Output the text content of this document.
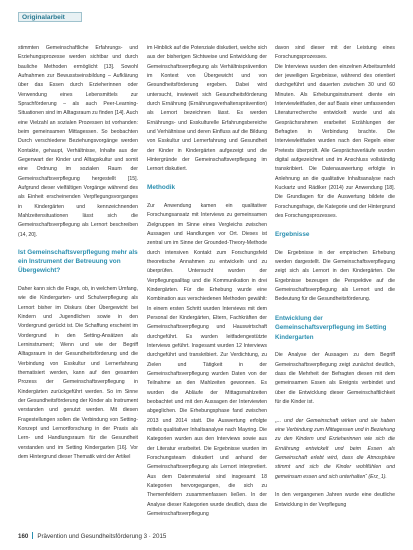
Originalarbeit

stimmten Gemeinschaftliche Erfahrungs- und Erziehungsprozesse werden sichtbar und durch bauliche Methoden ermöglicht [13]. Sowohl Aufnahmen zur Bewusstseinsbildung – Aufklärung über das Essen durch Erzieherinnen oder Verwendung eines Lebensmittels zur Sprachförderung – als auch Peer-Learning-Situationen sind im Alltagsraum zu finden [14]. Auch eine Vielzahl an sozialen Prozessen ist vorhanden: beim gemeinsamen Mittagessen. So beobachten Durch verschiedene Beziehungsvorgänge werden Kontakte, gehaupt, Verhältnisse, Inhalte aus der Gegenwart der Kinder und Alltagskultur und somit eine Ordnung im sozialen Raum der Gemeinschaftsverpflegung hergestellt [15]. Aufgrund dieser vielfältigen Vorgänge während des als Einheit erscheinenden Verpflegungsvorganges in Kindergärten und kennzeichnenden Mahlzeitensituationen lässt sich die Gemeinschaftsverpflegung als Lernort beschreiben (14, 20].

Ist Gemeinschaftsverpflegung mehr als ein Instrument der Betreuung von Übergewicht?

Daher kann sich die Frage, ob, in welchem Umfang, wie die Kindergarten- und Schulverpflegung als Lernort bisher im Diskurs über Übergewicht bei Kindern und Jugendlichen sowie in den Vordergrund gerückt ist. Die Schaffung erscheint im Vordergrund in den Setting-Ansätzen als Lerninstrument; Wenn und wie der Begriff Alltagsraum in der Gesundheitsförderung und die Verbindung von Esskultur und Lernerfahrung thematisiert werden, kann auf den gesamten Prozess der Gemeinschaftsverpflegung in Kindergärten zurückgeführt werden. So im Sinne der Gesundheitsförderung der Kinder als Instrument verstanden und genutzt werden. Mit diesen Fragestellungen sollen die Verbindung von Setting-Konzept und Lernortforschung in der Praxis als Lern- und Handlungsraum für die Gesundheit verstanden und im Setting Kindergarten [16]. Vor dem Hintergrund dieser Thematik wird der Artikel

im Hinblick auf die Potenziale diskutiert, welche sich aus der bisherigen Sichtweise und Entwicklung der Gemeinschaftsverpflegung als Verhältnisprävention im Kontext von Übergewicht und von Gesundheitsförderung ergeben. Dabei wird untersucht, inwieweit sich Gesundheitsförderung durch Ernährung (Ernährungsverhaltensprävention) als Lernort bezeichnen lässt. Es werden Ernährungs- und Esskulturelle Erfahrungsbereiche und Verhältnisse und deren Einfluss auf die Bildung von Esskultur und Lernerfahrung und Gesundheit der Kinder in Kindergärten aufgezeigt und die Hintergründe der Gemeinschaftsverpflegung im Lernort diskutiert.

Methodik

Zur Anwendung kamen ein qualitativer Forschungsansatz mit Interviews zu gemeinsamen Zielgruppen im Sinne eines Vergleichs zwischen Aussagen und Handlungen vor Ort. Dieses ist zentral um im Sinne der Grounded-Theory-Methode durch intensiven Kontakt zum Forschungsfeld theoretische Annahmen zu entwickeln und zu überprüfen. Untersucht wurden der Verpflegungsalltag und die Kommunikation in drei Kindergärten. Für die Erhebung wurde eine Kombination aus verschiedenen Methoden gewählt: In einem ersten Schritt wurden Interviews mit dem Personal der Kindergärten, Eltern, Fachkräften der Gemeinschaftsverpflegung und Hauswirtschaft durchgeführt. Es wurden leitfadengestützte Interviews geführt. Insgesamt wurden 12 Interviews durchgeführt und transkribiert. Zur Verdichtung, zu Zielen und Tätigkeit in der Gemeinschaftsverpflegung wurden Daten von der Teilnahme an den Mahlzeiten gewonnen. Es wurden die Abläufe der Mittagsmahlzeiten beobachtet und mit den Aussagen der Interviewten abgeglichen. Die Erhebungsphase fand zwischen 2013 und 2014 statt. Die Auswertung erfolgte mittels qualitativer Inhaltsanalyse nach Mayring. Die Kategorien wurden aus den Interviews sowie aus der Literatur erarbeitet. Die Ergebnisse wurden im Forschungsteam diskutiert und anhand der Gemeinschaftsverpflegung als Lernort interpretiert. Aus dem Datenmaterial sind insgesamt 18 Kategorien hervorgegangen, die sich zu Themenfeldern zusammenfassen ließen. In der Analyse dieser Kategorien wurde deutlich, dass die Gemeinschaftsverpflegung

davon sind dieser mit der Leistung eines Forschungsprozesses.

Die Interviews wurden den einzelnen Arbeitsumfeld der jeweiligen Ergebnisse, während des orientiert durchgeführt und dauerten zwischen 30 und 60 Minuten. Als Erhebungsinstrument diente ein Interviewleitfaden, der auf Basis einer umfassenden Literaturrecherche entwickelt wurde und als Gesprächsrahmen erarbeitet Erzählungen der Befragten in Verbindung brachte. Die Interviewleitfaden wurden nach den Regeln einer Pretests überprüft. Alle Gesprächsverläufe wurden digital aufgezeichnet und im Anschluss vollständig transkribiert. Die Datenauswertung erfolgte in Anlehnung an die qualitative Inhaltsanalyse nach Kuckartz und Rädiker (2014) zur Anwendung [18]. Die Grundlagen für die Auswertung bildete die Forschungsfrage, die Kategorie und der Hintergrund des Forschungsprozesses.

Ergebnisse

Die Ergebnisse in der empirischen Erhebung werden dargestellt. Die Gemeinschaftsverpflegung zeigt sich als Lernort in den Kindergärten. Die Ergebnisse bezeugen die Perspektive auf die Gemeinschaftsverpflegung als Lernort und die Bedeutung für die Gesundheitsförderung.

Entwicklung der Gemeinschaftsverpflegung im Setting Kindergarten

Die Analyse der Aussagen zu dem Begriff Gemeinschaftsverpflegung zeigt zunächst deutlich, dass die Mehrheit der Befragten diesen mit dem gemeinsamen Essen als Ereignis verbindet und über die Entwicklung dieser Gemeinschaftlichkeit für die Kinder ist.

„... und der Gemeinschaft wirken und sie haben eine Verbindung zum Mittagessen und in Beziehung zu den Kindern und Erzieherinnen wie sich die Ernährung entwickelt und beim Essen als Gemeinschaft erlebt wird, dass die Atmosphäre stimmt und sich die Kinder wohlfühlen und gemeinsam essen und sich unterhalten“ (Erz_1).

In den vergangenen Jahren wurde eine deutliche Entwicklung in der Verpflegung

160 Prävention und Gesundheitsförderung 3 · 2015
